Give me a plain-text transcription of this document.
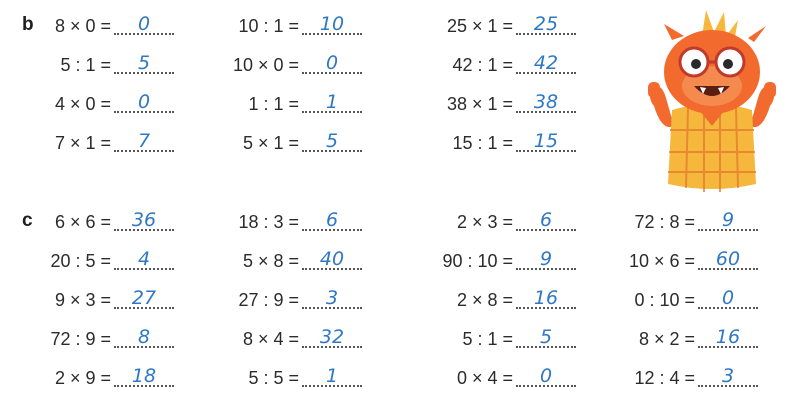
b 8 × 0 =	0
5 : 1 =	5
4 × 0 =	0
7 × 1 =	7
10 : 1 =	10
10 × 0 =	0
1 : 1 =	1
5 × 1 =	5
25 × 1 =	25
42 : 1 =	42
38 × 1 =	38
15 : 1 =	15
c 6 × 6 =	36
20 : 5 =	4
9 × 3 =	27
72 : 9 =	8
2 × 9 =	18
18 : 3 =	6
5 × 8 =	40
27 : 9 =	3
8 × 4 =	32
5 : 5 =	1
2 × 3 =	6
90 : 10 =	9
2 × 8 =	16
5 : 1 =	5
0 × 4 =	0
72 : 8 =	9
10 × 6 =	60
0 : 10 =	0
8 × 2 =	16
12 : 4 =	3
